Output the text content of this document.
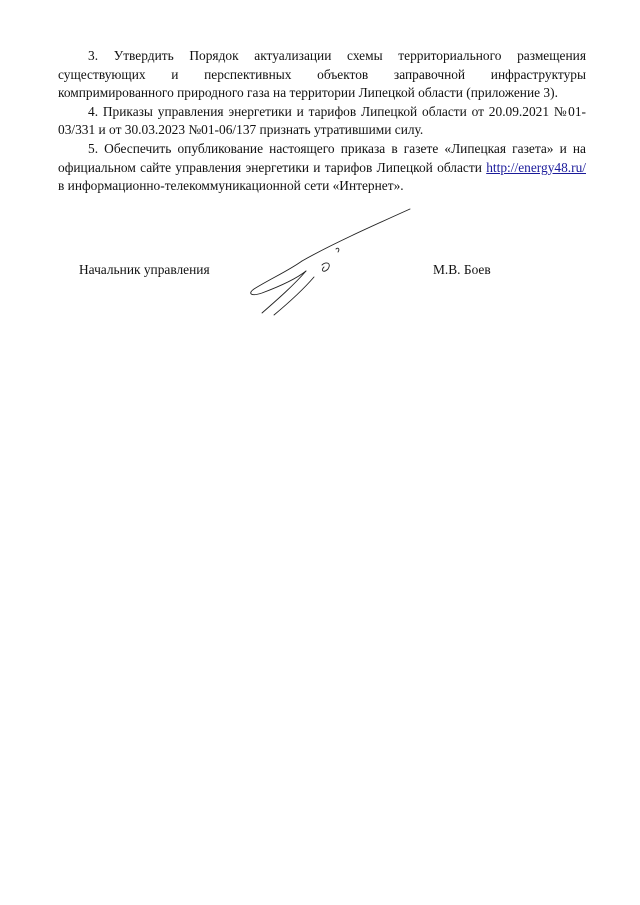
3. Утвердить Порядок актуализации схемы территориального размещения существующих и перспективных объектов заправочной инфраструктуры компримированного природного газа на территории Липецкой области (приложение 3).

4. Приказы управления энергетики и тарифов Липецкой области от 20.09.2021 №01-03/331 и от 30.03.2023 №01-06/137 признать утратившими силу.

5. Обеспечить опубликование настоящего приказа в газете «Липецкая газета» и на официальном сайте управления энергетики и тарифов Липецкой области http://energy48.ru/ в информационно-телекоммуникационной сети «Интернет».

Начальник управления	М.В. Боев
